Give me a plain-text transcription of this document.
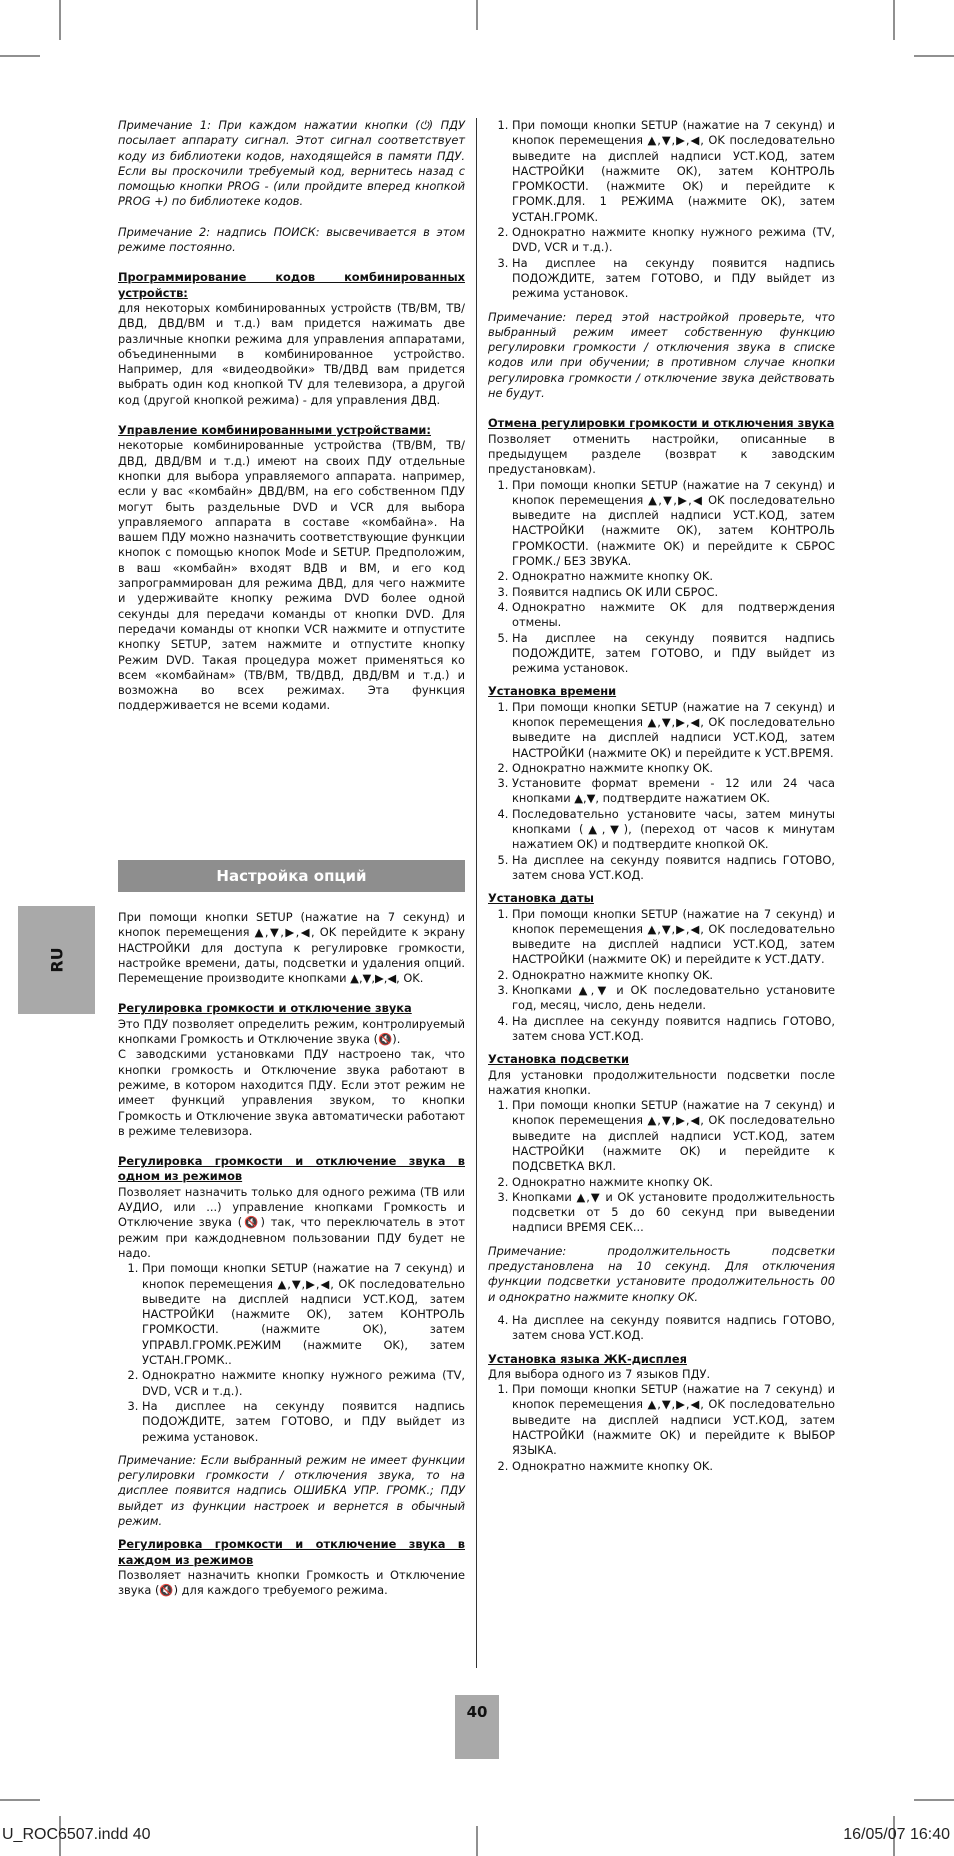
Примечание 1: При каждом нажатии кнопки (⏻) ПДУ посылает аппарату сигнал. Этот сигнал соответствует коду из библиотеки кодов, находящейся в памяти ПДУ. Если вы проскочили требуемый код, вернитесь назад с помощью кнопки PROG - (или пройдите вперед кнопкой PROG +) по библиотеке кодов.

Примечание 2: надпись ПОИСК: высвечивается в этом режиме постоянно.

Программирование кодов комбинированных устройств:

для некоторых комбинированных устройств (ТВ/ВМ, ТВ/ДВД, ДВД/ВМ и т.д.) вам придется нажимать две различные кнопки режима для управления аппаратами, объединенными в комбинированное устройство. Например, для «видеодвойки» ТВ/ДВД вам придется выбрать один код кнопкой TV для телевизора, а другой код (другой кнопкой режима) - для управления ДВД.

Управление комбинированными устройствами:

некоторые комбинированные устройства (ТВ/ВМ, ТВ/ДВД, ДВД/ВМ и т.д.) имеют на своих ПДУ отдельные кнопки для выбора управляемого аппарата. например, если у вас «комбайн» ДВД/ВМ, на его собственном ПДУ могут быть раздельные DVD и VCR для выбора управляемого аппарата в составе «комбайна». На вашем ПДУ можно назначить соответствующие функции кнопок с помощью кнопок Mode и SETUP. Предположим, в ваш «комбайн» входят ВДВ и ВМ, и его код запрограммирован для режима ДВД, для чего нажмите и удерживайте кнопку режима DVD более одной секунды для передачи команды от кнопки DVD. Для передачи команды от кнопки VCR нажмите и отпустите кнопку SETUP, затем нажмите и отпустите кнопку Режим DVD. Такая процедура может применяться ко всем «комбайнам» (ТВ/ВМ, ТВ/ДВД, ДВД/ВМ и т.д.) и возможна во всех режимах. Эта функция поддерживается не всеми кодами.

Настройка опций

При помощи кнопки SETUP (нажатие на 7 секунд) и кнопок перемещения ▲,▼,▶,◀, OK перейдите к экрану НАСТРОЙКИ для доступа к регулировке громкости, настройке времени, даты, подсветки и удаления опций. Перемещение производите кнопками ▲,▼,▶,◀, OK.

Регулировка громкости и отключение звука

Это ПДУ позволяет определить режим, контролируемый кнопками Громкость и Отключение звука (🔇).

С заводскими установками ПДУ настроено так, что кнопки громкость и Отключение звука работают в режиме, в котором находится ПДУ. Если этот режим не имеет функций управления звуком, то кнопки Громкость и Отключение звука автоматически работают в режиме телевизора.

Регулировка громкости и отключение звука в одном из режимов

Позволяет назначить только для одного режима (ТВ или АУДИО, или ...) управление кнопками Громкость и Отключение звука (🔇) так, что переключатель в этот режим при каждодневном пользовании ПДУ будет не надо.

1. При помощи кнопки SETUP (нажатие на 7 секунд) и кнопок перемещения ▲,▼,▶,◀, OK последовательно выведите на дисплей надписи УСТ.КОД, затем НАСТРОЙКИ (нажмите OK), затем КОНТРОЛЬ ГРОМКОСТИ. (нажмите OK), затем УПРАВЛ.ГРОМК.РЕЖИМ (нажмите OK), затем УСТАН.ГРОМК..
2. Однократно нажмите кнопку нужного режима (TV, DVD, VCR и т.д.).
3. На дисплее на секунду появится надпись ПОДОЖДИТЕ, затем ГОТОВО, и ПДУ выйдет из режима установок.

Примечание: Если выбранный режим не имеет функции регулировки громкости / отключения звука, то на дисплее появится надпись ОШИБКА УПР. ГРОМК.; ПДУ выйдет из функции настроек и вернется в обычный режим.

Регулировка громкости и отключение звука в каждом из режимов

Позволяет назначить кнопки Громкость и Отключение звука (🔇) для каждого требуемого режима.

1. При помощи кнопки SETUP (нажатие на 7 секунд) и кнопок перемещения ▲,▼,▶,◀, OK последовательно выведите на дисплей надписи УСТ.КОД, затем НАСТРОЙКИ (нажмите OK), затем КОНТРОЛЬ ГРОМКОСТИ. (нажмите OK) и перейдите к ГРОМК.ДЛЯ. 1 РЕЖИМА (нажмите OK), затем УСТАН.ГРОМК.
2. Однократно нажмите кнопку нужного режима (TV, DVD, VCR и т.д.).
3. На дисплее на секунду появится надпись ПОДОЖДИТЕ, затем ГОТОВО, и ПДУ выйдет из режима установок.

Примечание: перед этой настройкой проверьте, что выбранный режим имеет собственную функцию регулировки громкости / отключения звука в списке кодов или при обучении; в противном случае кнопки регулировка громкости / отключение звука действовать не будут.

Отмена регулировки громкости и отключения звука

Позволяет отменить настройки, описанные в предыдущем разделе (возврат к заводским предустановкам).

1. При помощи кнопки SETUP (нажатие на 7 секунд) и кнопок перемещения ▲,▼,▶,◀ OK последовательно выведите на дисплей надписи УСТ.КОД, затем НАСТРОЙКИ (нажмите OK), затем КОНТРОЛЬ ГРОМКОСТИ. (нажмите OK) и перейдите к СБРОС ГРОМК./ БЕЗ ЗВУКА.
2. Однократно нажмите кнопку OK.
3. Появится надпись OK ИЛИ СБРОС.
4. Однократно нажмите OK для подтверждения отмены.
5. На дисплее на секунду появится надпись ПОДОЖДИТЕ, затем ГОТОВО, и ПДУ выйдет из режима установок.

Установка времени

1. При помощи кнопки SETUP (нажатие на 7 секунд) и кнопок перемещения ▲,▼,▶,◀, OK последовательно выведите на дисплей надписи УСТ.КОД, затем НАСТРОЙКИ (нажмите OK) и перейдите к УСТ.ВРЕМЯ.
2. Однократно нажмите кнопку OK.
3. Установите формат времени - 12 или 24 часа кнопками ▲,▼, подтвердите нажатием OK.
4. Последовательно установите часы, затем минуты кнопками (▲,▼), (переход от часов к минутам нажатием OK) и подтвердите кнопкой OK.
5. На дисплее на секунду появится надпись ГОТОВО, затем снова УСТ.КОД.

Установка даты

1. При помощи кнопки SETUP (нажатие на 7 секунд) и кнопок перемещения ▲,▼,▶,◀, OK последовательно выведите на дисплей надписи УСТ.КОД, затем НАСТРОЙКИ (нажмите OK) и перейдите к УСТ.ДАТУ.
2. Однократно нажмите кнопку OK.
3. Кнопками ▲,▼ и OK последовательно установите год, месяц, число, день недели.
4. На дисплее на секунду появится надпись ГОТОВО, затем снова УСТ.КОД.

Установка подсветки

Для установки продолжительности подсветки после нажатия кнопки.

1. При помощи кнопки SETUP (нажатие на 7 секунд) и кнопок перемещения ▲,▼,▶,◀, OK последовательно выведите на дисплей надписи УСТ.КОД, затем НАСТРОЙКИ (нажмите OK) и перейдите к ПОДСВЕТКА ВКЛ.
2. Однократно нажмите кнопку OK.
3. Кнопками ▲,▼ и OK установите продолжительность подсветки от 5 до 60 секунд при выведении надписи ВРЕМЯ СЕК...

Примечание: продолжительность подсветки предустановлена на 10 секунд. Для отключения функции подсветки установите продолжительность 00 и однократно нажмите кнопку OK.

4. На дисплее на секунду появится надпись ГОТОВО, затем снова УСТ.КОД.

Установка языка ЖК-дисплея

Для выбора одного из 7 языков ПДУ.

1. При помощи кнопки SETUP (нажатие на 7 секунд) и кнопок перемещения ▲,▼,▶,◀, OK последовательно выведите на дисплей надписи УСТ.КОД, затем НАСТРОЙКИ (нажмите OK) и перейдите к ВЫБОР ЯЗЫКА.
2. Однократно нажмите кнопку OK.
RU
40
U_ROC6507.indd 40	16/05/07 16:40
